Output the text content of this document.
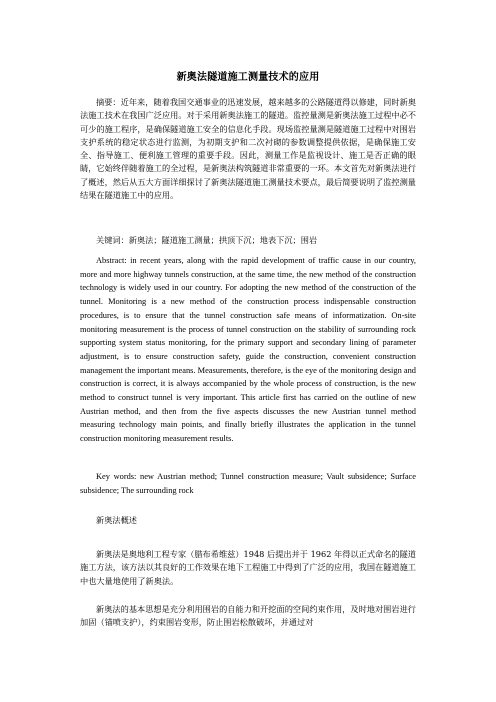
新奥法隧道施工测量技术的应用

摘要：近年来，随着我国交通事业的迅速发展，越来越多的公路隧道得以修建，同时新奥法施工技术在我国广泛应用。对于采用新奥法施工的隧道。监控量测是新奥法施工过程中必不可少的施工程序，是确保隧道施工安全的信息化手段。现场监控量测是隧道施工过程中对围岩支护系统的稳定状态进行监测，为初期支护和二次衬砌的参数调整提供依据，是确保施工安全、指导施工、便利施工管理的重要手段。因此，测量工作是监视设计、施工是否正确的眼睛，它始终伴随着施工的全过程，是新奥法构筑隧道非常重要的一环。本文首先对新奥法进行了概述，然后从五大方面详细探讨了新奥法隧道施工测量技术要点，最后简要说明了监控测量结果在隧道施工中的应用。

关键词：新奥法；隧道施工测量；拱顶下沉；地表下沉；围岩

Abstract: in recent years, along with the rapid development of traffic cause in our country, more and more highway tunnels construction, at the same time, the new method of the construction technology is widely used in our country. For adopting the new method of the construction of the tunnel. Monitoring is a new method of the construction process indispensable construction procedures, is to ensure that the tunnel construction safe means of informatization. On-site monitoring measurement is the process of tunnel construction on the stability of surrounding rock supporting system status monitoring, for the primary support and secondary lining of parameter adjustment, is to ensure construction safety, guide the construction, convenient construction management the important means. Measurements, therefore, is the eye of the monitoring design and construction is correct, it is always accompanied by the whole process of construction, is the new method to construct tunnel is very important. This article first has carried on the outline of new Austrian method, and then from the five aspects discusses the new Austrian tunnel method measuring technology main points, and finally briefly illustrates the application in the tunnel construction monitoring measurement results.

Key words: new Austrian method; Tunnel construction measure; Vault subsidence; Surface subsidence; The surrounding rock

新奥法概述

新奥法是奥地利工程专家（腊布希维兹）1948 后提出并于 1962 年得以正式命名的隧道施工方法，该方法以其良好的工作效果在地下工程施工中得到了广泛的应用，我国在隧道施工中也大量地使用了新奥法。

新奥法的基本思想是充分利用围岩的自能力和开挖面的空间约束作用，及时地对围岩进行加固（锚喷支护），约束围岩变形，防止围岩松散破坏，并通过对
